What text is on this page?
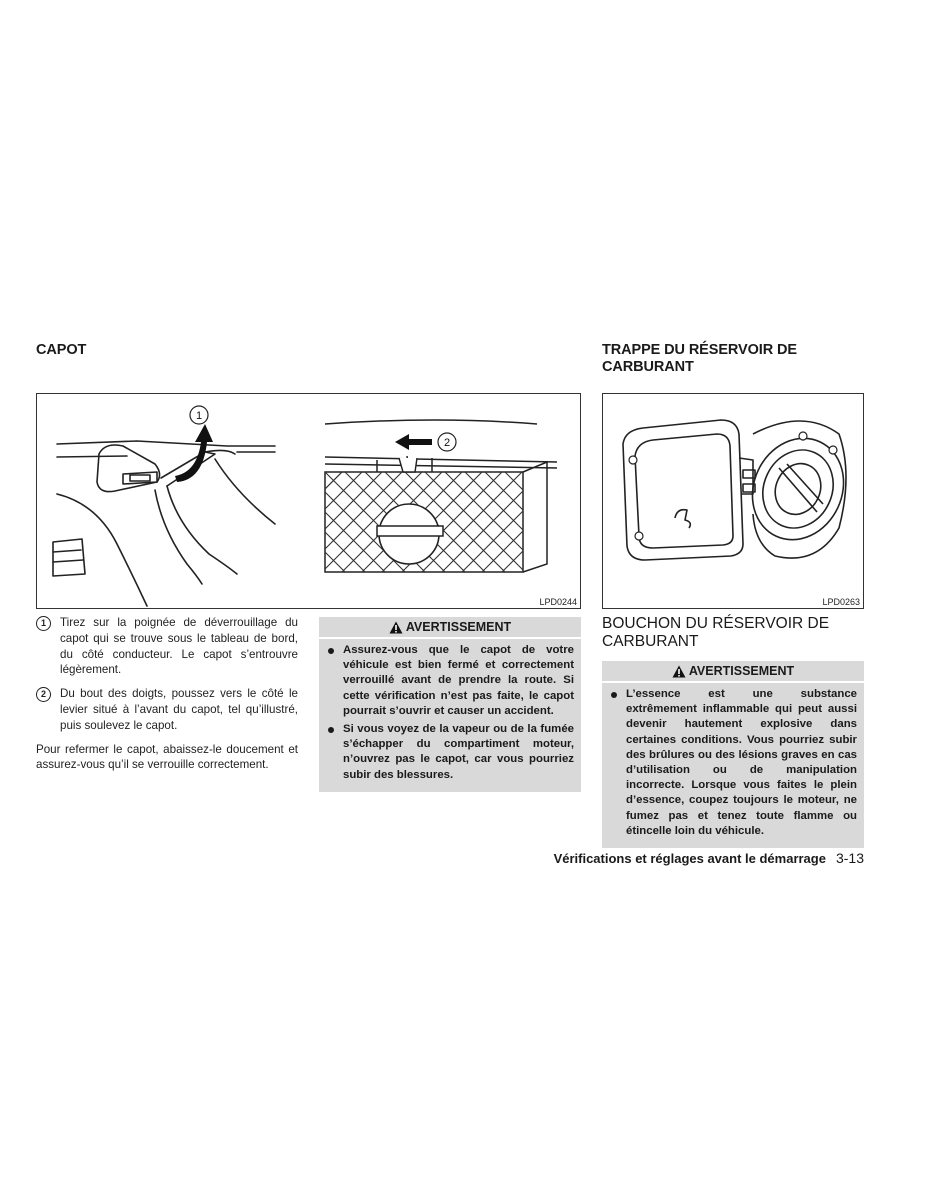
CAPOT	TRAPPE DU RÉSERVOIR DE
CARBURANT
1
2
LPD0244	LPD0263
1	Tirez sur la poignée de déverrouillage du capot qui se trouve sous le tableau de bord, du côté conducteur. Le capot s’entrouvre légèrement.
2	Du bout des doigts, poussez vers le côté le levier situé à l’avant du capot, tel qu’illustré, puis soulevez le capot.
Pour refermer le capot, abaissez-le doucement et assurez-vous qu’il se verrouille correctement.
AVERTISSEMENT
Assurez-vous que le capot de votre véhicule est bien fermé et correctement verrouillé avant de prendre la route. Si cette vérification n’est pas faite, le capot pourrait s’ouvrir et causer un accident.
Si vous voyez de la vapeur ou de la fumée s’échapper du compartiment moteur, n’ouvrez pas le capot, car vous pourriez subir des blessures.
BOUCHON DU RÉSERVOIR DE
CARBURANT
AVERTISSEMENT
L’essence est une substance extrêmement inflammable qui peut aussi devenir hautement explosive dans certaines conditions. Vous pourriez subir des brûlures ou des lésions graves en cas d’utilisation ou de manipulation incorrecte. Lorsque vous faites le plein d’essence, coupez toujours le moteur, ne fumez pas et tenez toute flamme ou étincelle loin du véhicule.
Vérifications et réglages avant le démarrage 3-13
